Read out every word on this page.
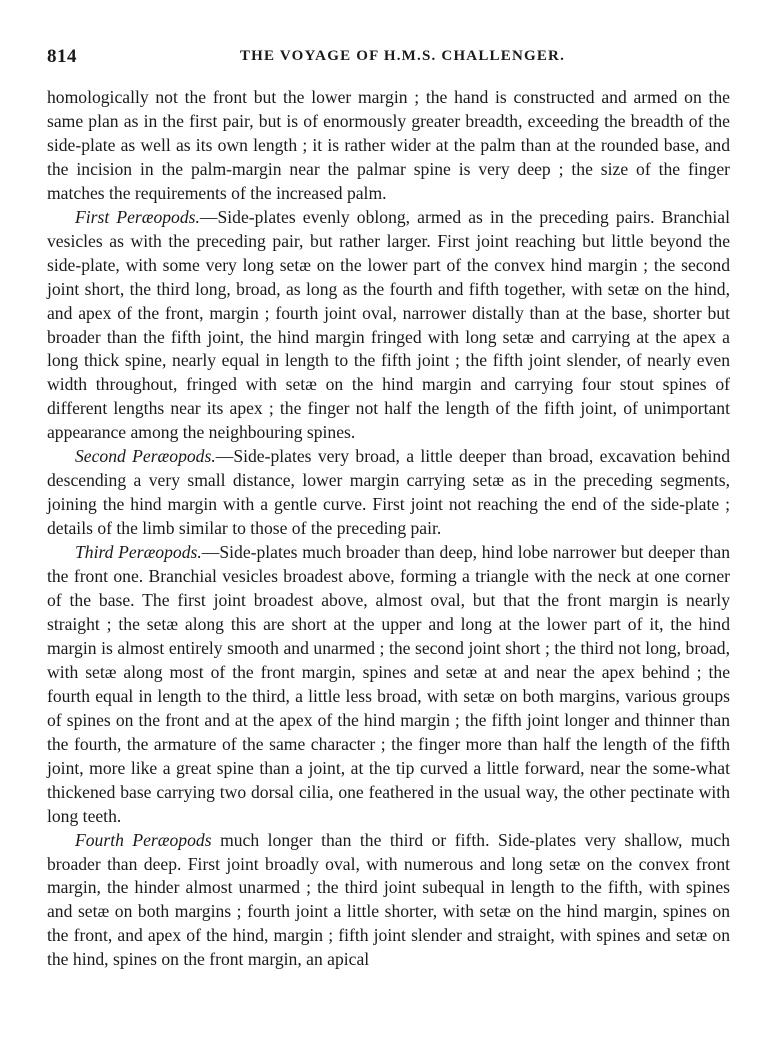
814	THE VOYAGE OF H.M.S. CHALLENGER.

homologically not the front but the lower margin ; the hand is constructed and armed on the same plan as in the first pair, but is of enormously greater breadth, exceeding the breadth of the side-plate as well as its own length ; it is rather wider at the palm than at the rounded base, and the incision in the palm-margin near the palmar spine is very deep ; the size of the finger matches the requirements of the increased palm.

First Peræopods.—Side-plates evenly oblong, armed as in the preceding pairs. Branchial vesicles as with the preceding pair, but rather larger. First joint reaching but little beyond the side-plate, with some very long setæ on the lower part of the convex hind margin ; the second joint short, the third long, broad, as long as the fourth and fifth together, with setæ on the hind, and apex of the front, margin ; fourth joint oval, narrower distally than at the base, shorter but broader than the fifth joint, the hind margin fringed with long setæ and carrying at the apex a long thick spine, nearly equal in length to the fifth joint ; the fifth joint slender, of nearly even width throughout, fringed with setæ on the hind margin and carrying four stout spines of different lengths near its apex ; the finger not half the length of the fifth joint, of unimportant appearance among the neighbouring spines.

Second Peræopods.—Side-plates very broad, a little deeper than broad, excavation behind descending a very small distance, lower margin carrying setæ as in the preceding segments, joining the hind margin with a gentle curve. First joint not reaching the end of the side-plate ; details of the limb similar to those of the preceding pair.

Third Peræopods.—Side-plates much broader than deep, hind lobe narrower but deeper than the front one. Branchial vesicles broadest above, forming a triangle with the neck at one corner of the base. The first joint broadest above, almost oval, but that the front margin is nearly straight ; the setæ along this are short at the upper and long at the lower part of it, the hind margin is almost entirely smooth and unarmed ; the second joint short ; the third not long, broad, with setæ along most of the front margin, spines and setæ at and near the apex behind ; the fourth equal in length to the third, a little less broad, with setæ on both margins, various groups of spines on the front and at the apex of the hind margin ; the fifth joint longer and thinner than the fourth, the armature of the same character ; the finger more than half the length of the fifth joint, more like a great spine than a joint, at the tip curved a little forward, near the some-what thickened base carrying two dorsal cilia, one feathered in the usual way, the other pectinate with long teeth.

Fourth Peræopods much longer than the third or fifth. Side-plates very shallow, much broader than deep. First joint broadly oval, with numerous and long setæ on the convex front margin, the hinder almost unarmed ; the third joint subequal in length to the fifth, with spines and setæ on both margins ; fourth joint a little shorter, with setæ on the hind margin, spines on the front, and apex of the hind, margin ; fifth joint slender and straight, with spines and setæ on the hind, spines on the front margin, an apical
